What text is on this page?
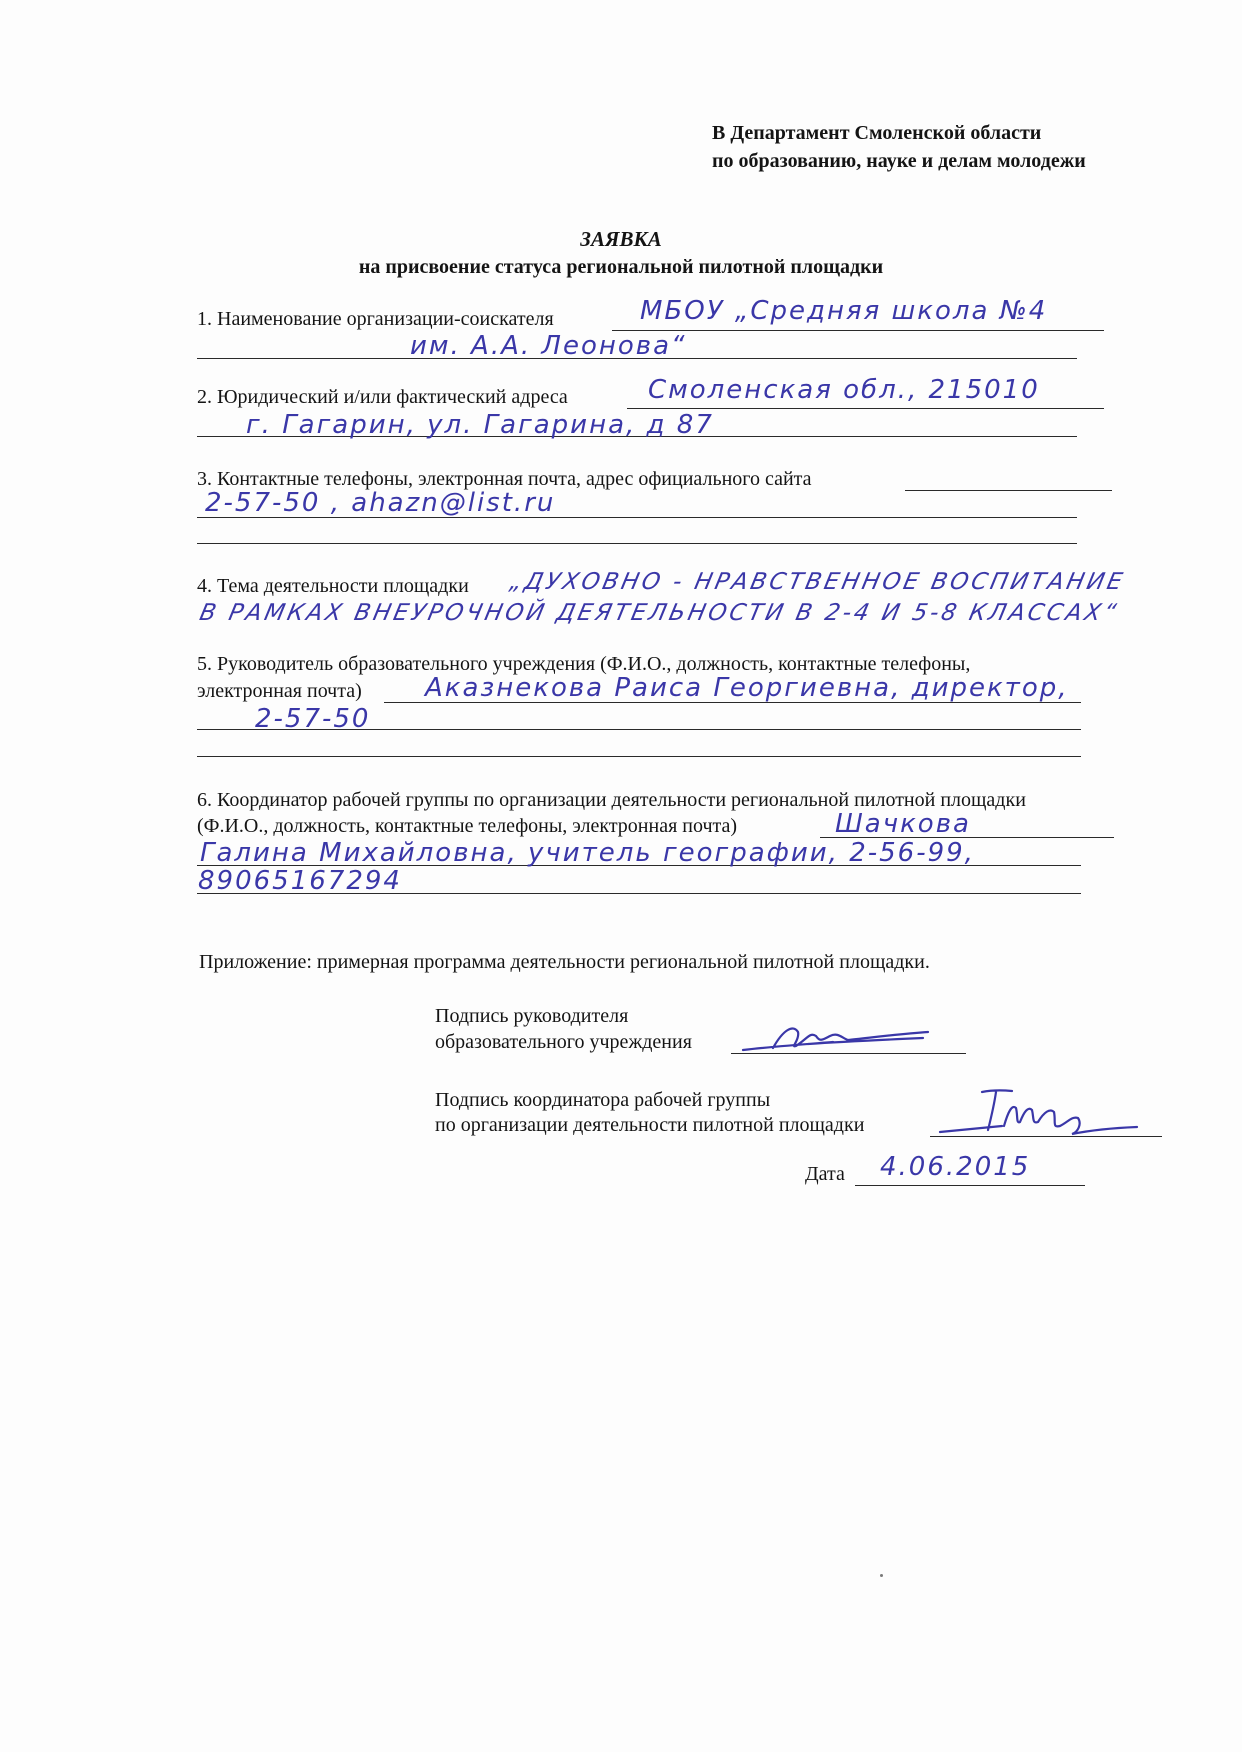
В Департамент Смоленской области
по образованию, науке и делам молодежи
ЗАЯВКА
на присвоение статуса региональной пилотной площадки
1. Наименование организации-соискателя	МБОУ „Средняя школа №4
им. А.А. Леонова“
2. Юридический и/или фактический адреса	Смоленская обл., 215010
г. Гагарин, ул. Гагарина, д 87
3. Контактные телефоны, электронная почта, адрес официального сайта
2-57-50 , ahazn@list.ru
4. Тема деятельности площадки „ДУХОВНО - НРАВСТВЕННОЕ ВОСПИТАНИЕ
В РАМКАХ ВНЕУРОЧНОЙ ДЕЯТЕЛЬНОСТИ В 2-4 И 5-8 КЛАССАХ“
5. Руководитель образовательного учреждения (Ф.И.О., должность, контактные телефоны,
электронная почта) Аказнекова Раиса Георгиевна, директор,
2-57-50
6. Координатор рабочей группы по организации деятельности региональной пилотной площадки
(Ф.И.О., должность, контактные телефоны, электронная почта)	Шачкова
Галина Михайловна, учитель географии, 2-56-99,
89065167294
Приложение: примерная программа деятельности региональной пилотной площадки.
Подпись руководителя
образовательного учреждения
Подпись координатора рабочей группы
по организации деятельности пилотной площадки
Дата 4.06.2015
